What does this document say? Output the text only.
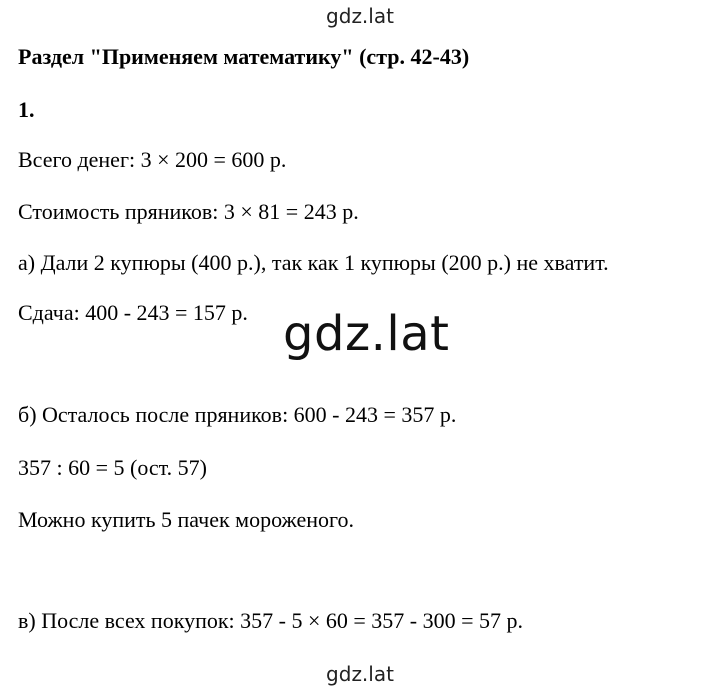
gdz.lat
Раздел "Применяем математику" (стр. 42-43)
1.
Всего денег: 3 × 200 = 600 р.
Стоимость пряников: 3 × 81 = 243 р.
а) Дали 2 купюры (400 р.), так как 1 купюры (200 р.) не хватит.
Сдача: 400 - 243 = 157 р. gdz.lat
б) Осталось после пряников: 600 - 243 = 357 р.
357 : 60 = 5 (ост. 57)
Можно купить 5 пачек мороженого.
в) После всех покупок: 357 - 5 × 60 = 357 - 300 = 57 р.
gdz.lat
